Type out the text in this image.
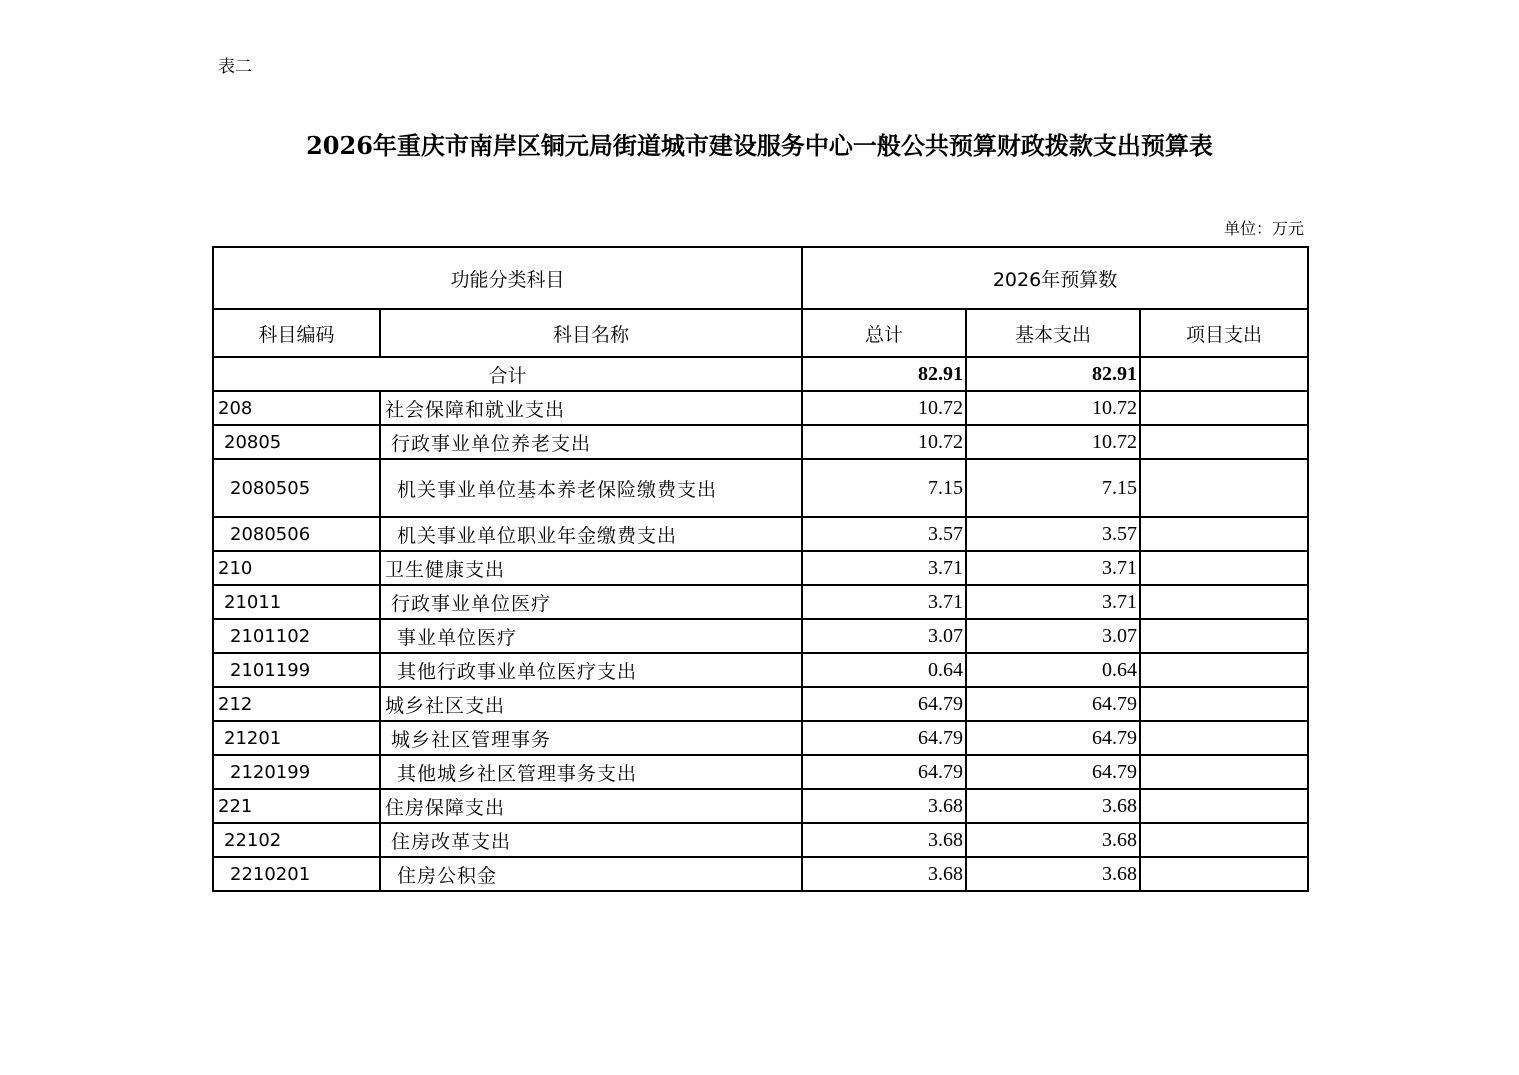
表二
2026年重庆市南岸区铜元局街道城市建设服务中心一般公共预算财政拨款支出预算表
单位：万元
功能分类科目		2026年预算数		
科目编码	科目名称	总计	基本支出	项目支出
合计		82.91	82.91	
208	社会保障和就业支出	10.72	10.72	
20805	行政事业单位养老支出	10.72	10.72	
2080505	机关事业单位基本养老保险缴费支出	7.15	7.15	
2080506	机关事业单位职业年金缴费支出	3.57	3.57	
210	卫生健康支出	3.71	3.71	
21011	行政事业单位医疗	3.71	3.71	
2101102	事业单位医疗	3.07	3.07	
2101199	其他行政事业单位医疗支出	0.64	0.64	
212	城乡社区支出	64.79	64.79	
21201	城乡社区管理事务	64.79	64.79	
2120199	其他城乡社区管理事务支出	64.79	64.79	
221	住房保障支出	3.68	3.68	
22102	住房改革支出	3.68	3.68	
2210201	住房公积金	3.68	3.68	
